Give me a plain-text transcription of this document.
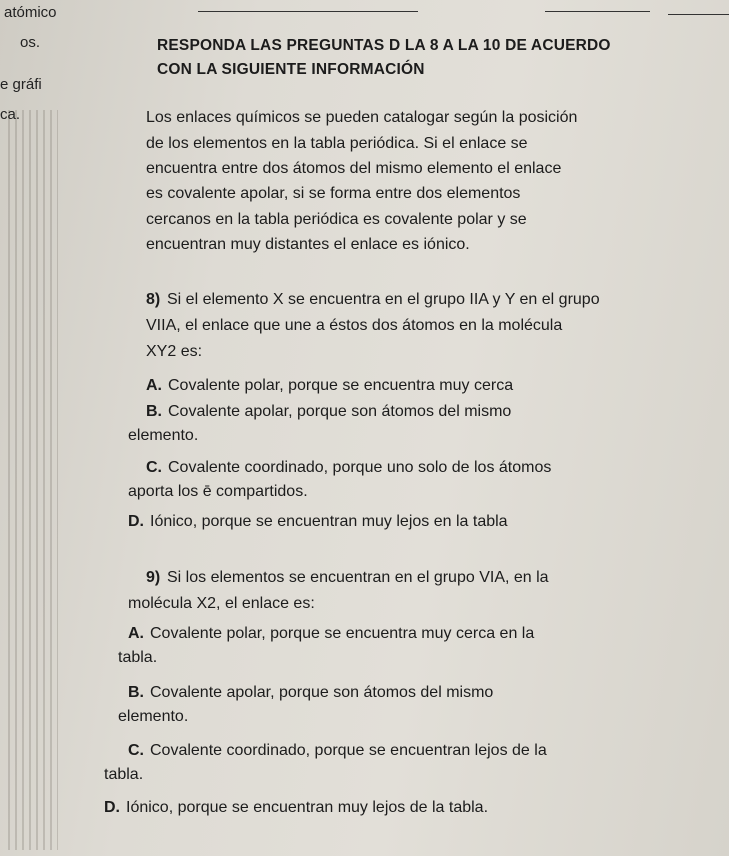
atómico
os.
e gráfi
ca.
RESPONDA LAS PREGUNTAS D LA 8 A LA 10 DE ACUERDO
CON LA SIGUIENTE INFORMACIÓN
Los enlaces químicos se pueden catalogar según la posición
de los elementos en la tabla periódica. Si el enlace se
encuentra entre dos átomos del mismo elemento el enlace
es covalente apolar, si se forma entre dos elementos
cercanos en la tabla periódica es covalente polar y se
encuentran muy distantes el enlace es iónico.
8) Si el elemento X se encuentra en el grupo IIA y Y en el grupo
VIIA, el enlace que une a éstos dos átomos en la molécula
XY2 es:
A. Covalente polar, porque se encuentra muy cerca
B. Covalente apolar, porque son átomos del mismo
elemento.
C. Covalente coordinado, porque uno solo de los átomos
aporta los ē compartidos.
D. Iónico, porque se encuentran muy lejos en la tabla
9) Si los elementos se encuentran en el grupo VIA, en la
molécula X2, el enlace es:
A. Covalente polar, porque se encuentra muy cerca en la
tabla.
B. Covalente apolar, porque son átomos del mismo
elemento.
C. Covalente coordinado, porque se encuentran lejos de la
tabla.
D. Iónico, porque se encuentran muy lejos de la tabla.
